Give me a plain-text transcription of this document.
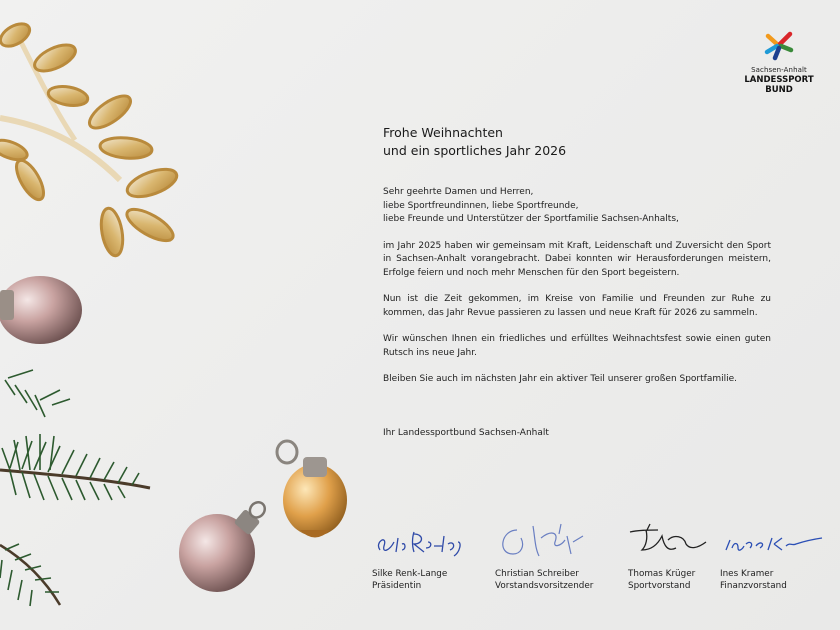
Sachsen-Anhalt
LANDESSPORT
BUND
Frohe Weihnachten
und ein sportliches Jahr 2026
Sehr geehrte Damen und Herren,
liebe Sportfreundinnen, liebe Sportfreunde,
liebe Freunde und Unterstützer der Sportfamilie Sachsen-Anhalts,

im Jahr 2025 haben wir gemeinsam mit Kraft, Leidenschaft und Zuversicht den Sport in Sachsen-Anhalt vorangebracht. Dabei konnten wir Herausforderungen meistern, Erfolge feiern und noch mehr Menschen für den Sport begeistern.

Nun ist die Zeit gekommen, im Kreise von Familie und Freunden zur Ruhe zu kommen, das Jahr Revue passieren zu lassen und neue Kraft für 2026 zu sammeln.

Wir wünschen Ihnen ein friedliches und erfülltes Weihnachtsfest sowie einen guten Rutsch ins neue Jahr.

Bleiben Sie auch im nächsten Jahr ein aktiver Teil unserer großen Sportfamilie.

Ihr Landessportbund Sachsen-Anhalt
Silke Renk-Lange
Präsidentin
Christian Schreiber
Vorstandsvorsitzender
Thomas Krüger
Sportvorstand
Ines Kramer
Finanzvorstand
